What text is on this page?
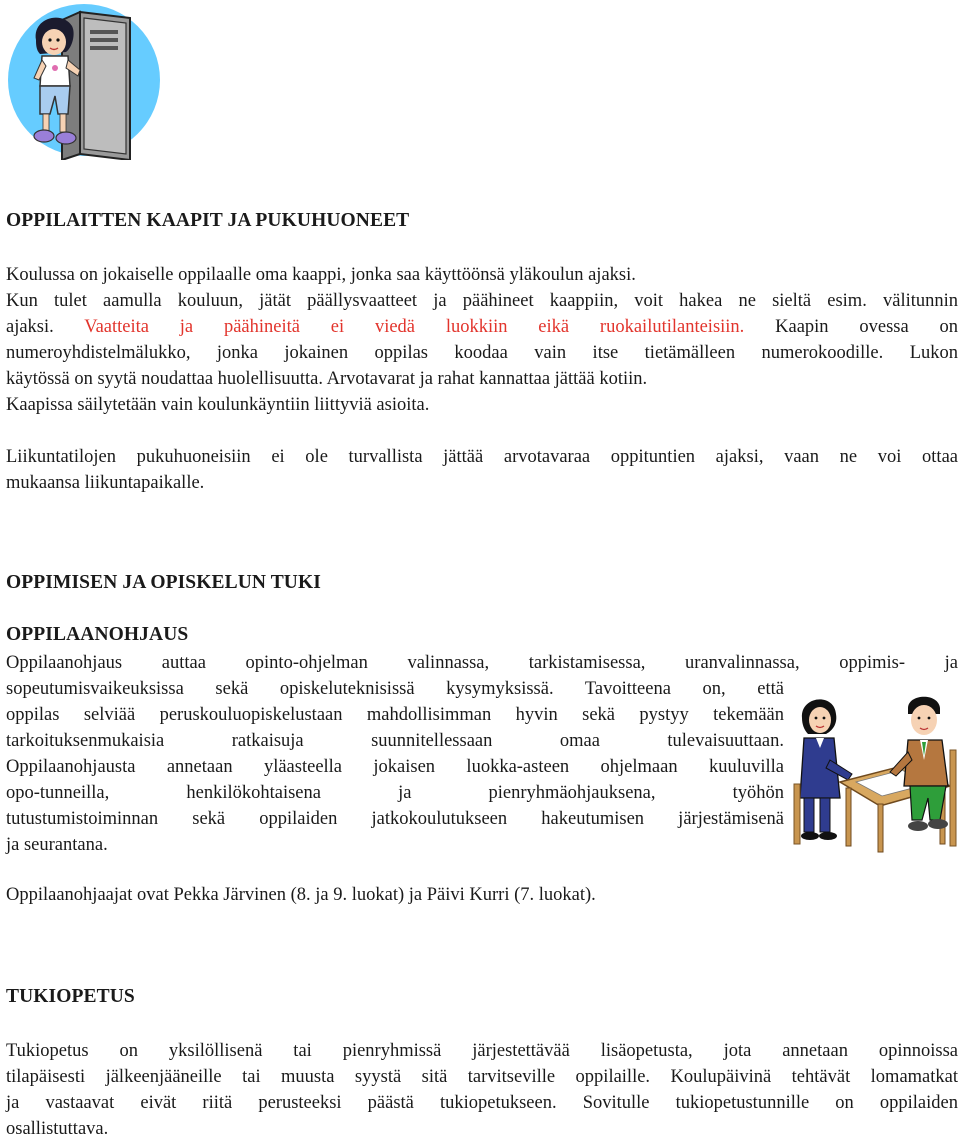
OPPILAITTEN KAAPIT JA PUKUHUONEET

Koulussa on jokaiselle oppilaalle oma kaappi, jonka saa käyttöönsä yläkoulun ajaksi.
Kun tulet aamulla kouluun, jätät päällysvaatteet ja päähineet kaappiin, voit hakea ne sieltä esim. välitunnin
ajaksi. Vaatteita ja päähineitä ei viedä luokkiin eikä ruokailutilanteisiin. Kaapin ovessa on
numeroyhdistelmälukko, jonka jokainen oppilas koodaa vain itse tietämälleen numerokoodille. Lukon
käytössä on syytä noudattaa huolellisuutta. Arvotavarat ja rahat kannattaa jättää kotiin.
Kaapissa säilytetään vain koulunkäyntiin liittyviä asioita.

Liikuntatilojen pukuhuoneisiin ei ole turvallista jättää arvotavaraa oppituntien ajaksi, vaan ne voi ottaa
mukaansa liikuntapaikalle.

OPPIMISEN JA OPISKELUN TUKI
OPPILAANOHJAUS

Oppilaanohjaus auttaa opinto-ohjelman valinnassa, tarkistamisessa, uranvalinnassa, oppimis- ja

sopeutumisvaikeuksissa sekä opiskeluteknisissä kysymyksissä. Tavoitteena on, että
oppilas selviää peruskouluopiskelustaan mahdollisimman hyvin sekä pystyy tekemään
tarkoituksenmukaisia ratkaisuja suunnitellessaan omaa tulevaisuuttaan.
Oppilaanohjausta annetaan yläasteella jokaisen luokka-asteen ohjelmaan kuuluvilla
opo-tunneilla, henkilökohtaisena ja pienryhmäohjauksena, työhön
tutustumistoiminnan sekä oppilaiden jatkokoulutukseen hakeutumisen järjestämisenä
ja seurantana.

Oppilaanohjaajat ovat Pekka Järvinen (8. ja 9. luokat) ja Päivi Kurri (7. luokat).

TUKIOPETUS

Tukiopetus on yksilöllisenä tai pienryhmissä järjestettävää lisäopetusta, jota annetaan opinnoissa
tilapäisesti jälkeenjääneille tai muusta syystä sitä tarvitseville oppilaille. Koulupäivinä tehtävät lomamatkat
ja vastaavat eivät riitä perusteeksi päästä tukiopetukseen. Sovitulle tukiopetustunnille on oppilaiden
osallistuttava.
